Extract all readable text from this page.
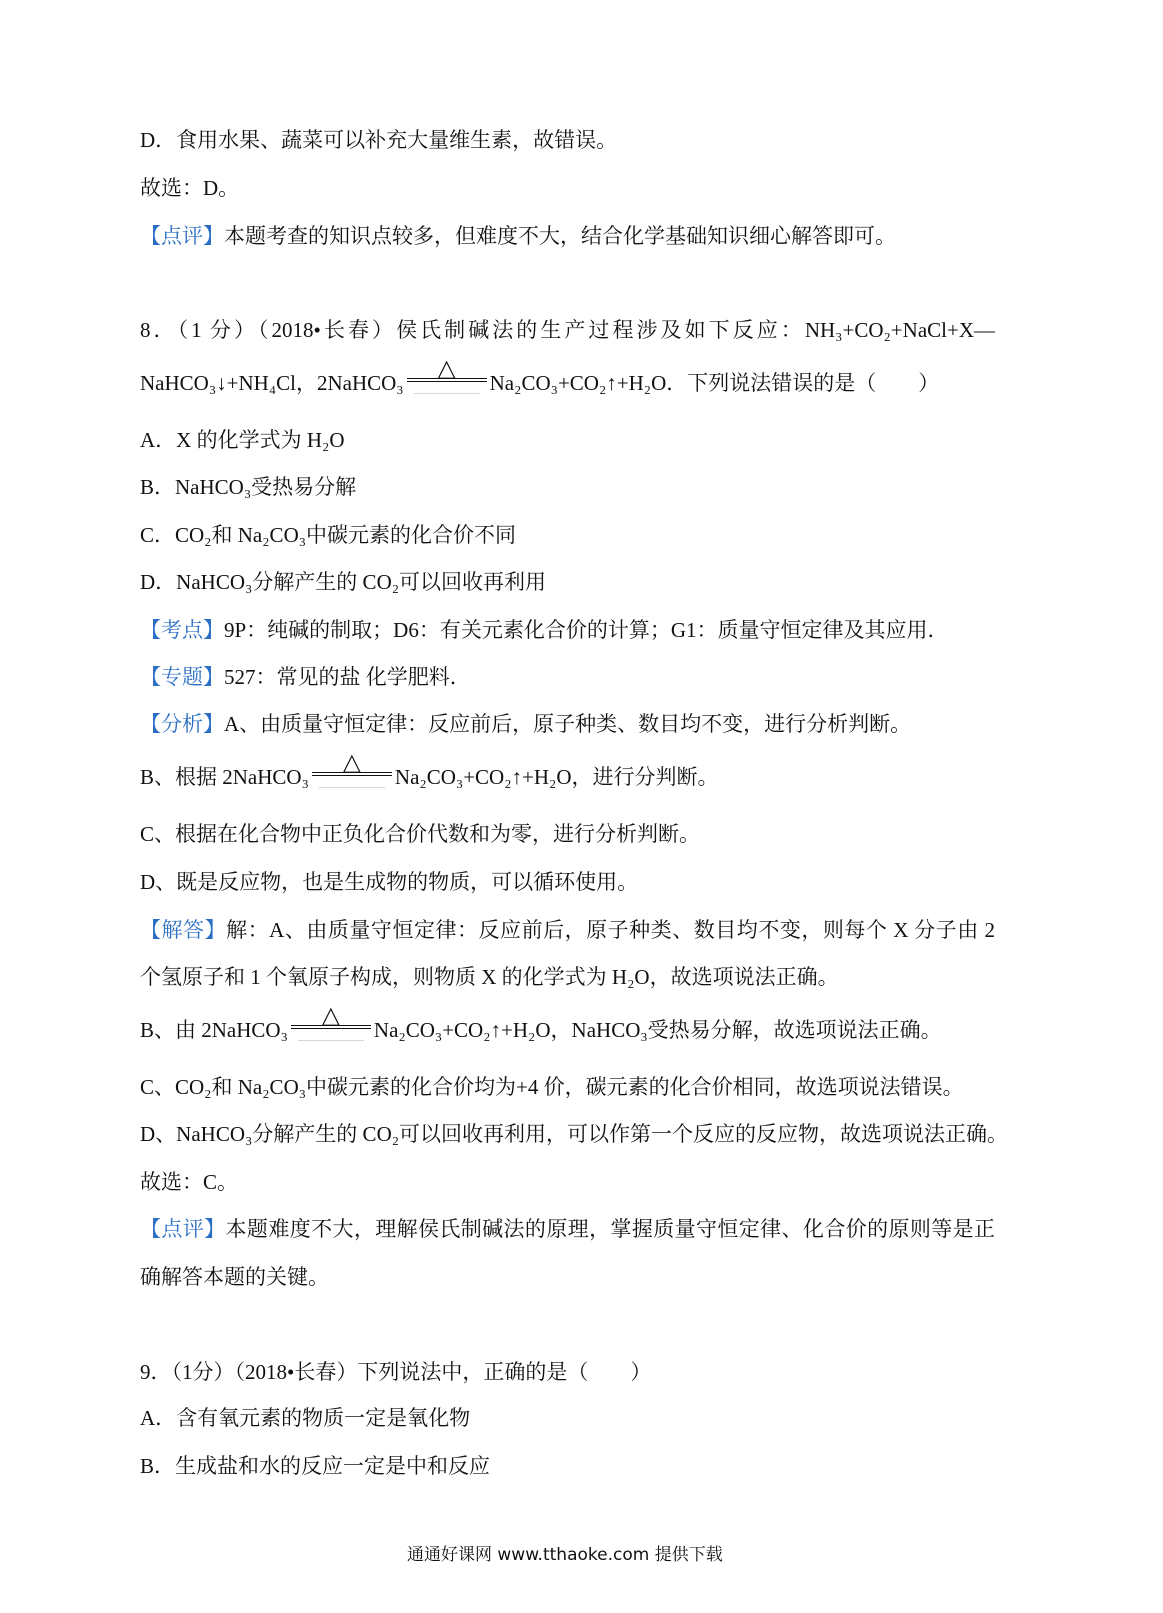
D．食用水果、蔬菜可以补充大量维生素，故错误。
故选：D。
【点评】本题考查的知识点较多，但难度不大，结合化学基础知识细心解答即可。
8．（1 分）（2018•长春）侯氏制碱法的生产过程涉及如下反应：NH₃+CO₂+NaCl+X—
NaHCO₃↓+NH₄Cl，2NaHCO₃
△
Na₂CO₃+CO₂↑+H₂O．下列说法错误的是（　　）
A．X 的化学式为 H₂O
B．NaHCO₃受热易分解
C．CO₂和 Na₂CO₃中碳元素的化合价不同
D．NaHCO₃分解产生的 CO₂可以回收再利用
【考点】9P：纯碱的制取；D6：有关元素化合价的计算；G1：质量守恒定律及其应用．
【专题】527：常见的盐 化学肥料．
【分析】A、由质量守恒定律：反应前后，原子种类、数目均不变，进行分析判断。
B、根据 2NaHCO₃
△
Na₂CO₃+CO₂↑+H₂O，进行分判断。
C、根据在化合物中正负化合价代数和为零，进行分析判断。
D、既是反应物，也是生成物的物质，可以循环使用。
【解答】解：A、由质量守恒定律：反应前后，原子种类、数目均不变，则每个 X 分子由 2
个氢原子和 1 个氧原子构成，则物质 X 的化学式为 H₂O，故选项说法正确。
B、由 2NaHCO₃
△
Na₂CO₃+CO₂↑+H₂O，NaHCO₃受热易分解，故选项说法正确。
C、CO₂和 Na₂CO₃中碳元素的化合价均为+4 价，碳元素的化合价相同，故选项说法错误。
D、NaHCO₃分解产生的 CO₂可以回收再利用，可以作第一个反应的反应物，故选项说法正确。
故选：C。
【点评】本题难度不大，理解侯氏制碱法的原理，掌握质量守恒定律、化合价的原则等是正
确解答本题的关键。
9．（1分）（2018•长春）下列说法中，正确的是（　　）
A．含有氧元素的物质一定是氧化物
B．生成盐和水的反应一定是中和反应
通通好课网 www.tthaoke.com 提供下载
